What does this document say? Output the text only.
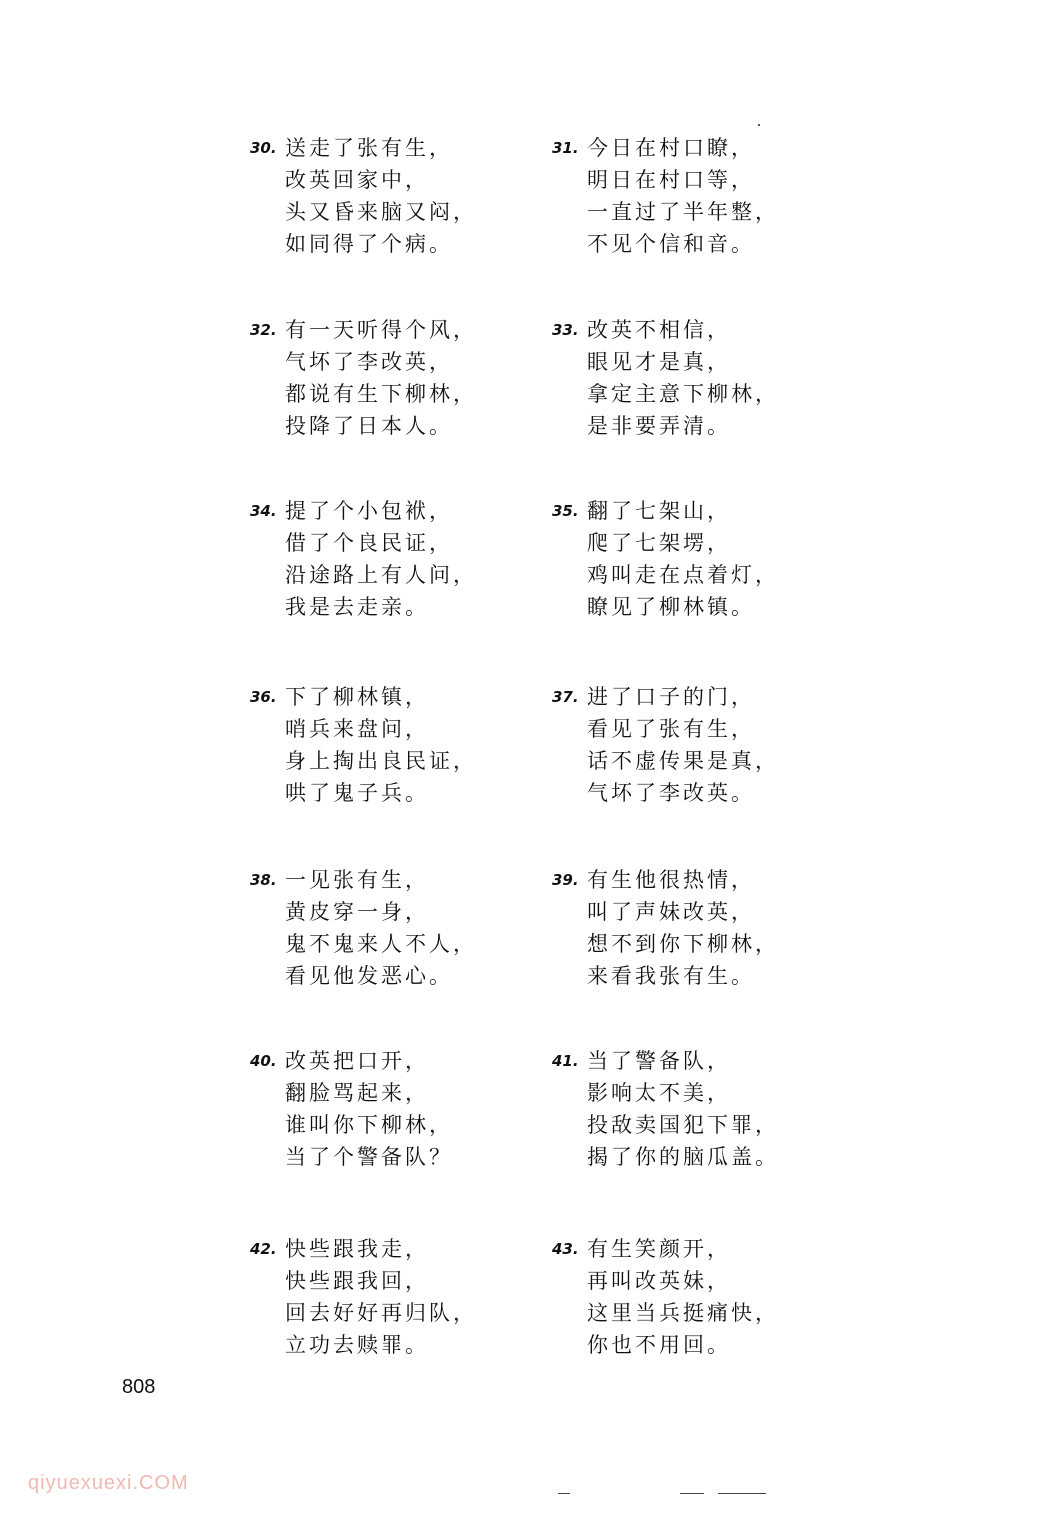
30. 送走了张有生，
改英回家中，
头又昏来脑又闷，
如同得了个病。
31. 今日在村口瞭，
明日在村口等，
一直过了半年整，
不见个信和音。
32. 有一天听得个风，
气坏了李改英，
都说有生下柳林，
投降了日本人。
33. 改英不相信，
眼见才是真，
拿定主意下柳林，
是非要弄清。
34. 提了个小包袱，
借了个良民证，
沿途路上有人问，
我是去走亲。
35. 翻了七架山，
爬了七架塄，
鸡叫走在点着灯，
瞭见了柳林镇。
36. 下了柳林镇，
哨兵来盘问，
身上掏出良民证，
哄了鬼子兵。
37. 进了口子的门，
看见了张有生，
话不虚传果是真，
气坏了李改英。
38. 一见张有生，
黄皮穿一身，
鬼不鬼来人不人，
看见他发恶心。
39. 有生他很热情，
叫了声妹改英，
想不到你下柳林，
来看我张有生。
40. 改英把口开，
翻脸骂起来，
谁叫你下柳林，
当了个警备队？
41. 当了警备队，
影响太不美，
投敌卖国犯下罪，
揭了你的脑瓜盖。
42. 快些跟我走，
快些跟我回，
回去好好再归队，
立功去赎罪。
43. 有生笑颜开，
再叫改英妹，
这里当兵挺痛快，
你也不用回。
808
qiyuexuexi.COM
